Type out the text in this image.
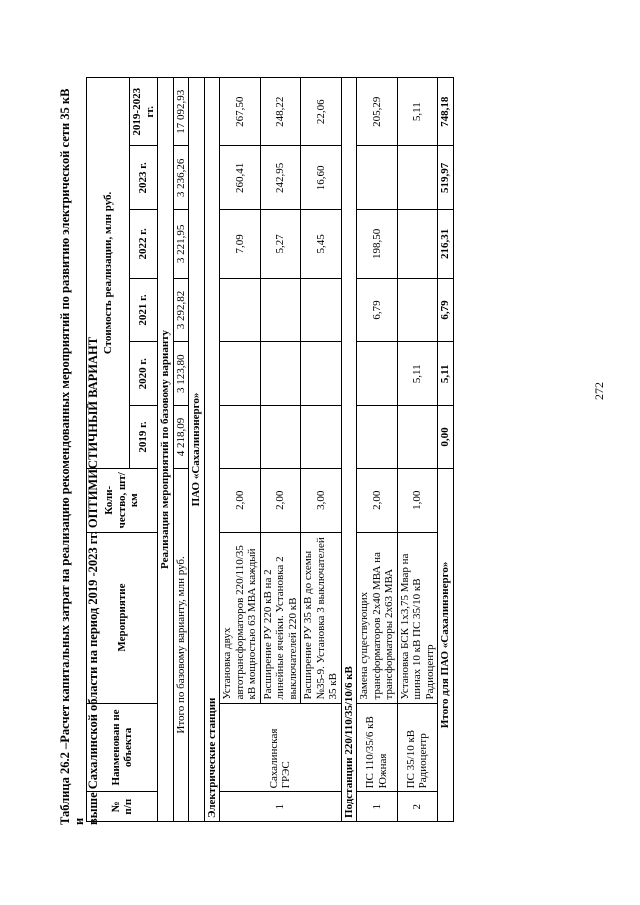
Таблица 26.2 –Расчет капитальных затрат на реализацию рекомендованных мероприятий по развитию электрической сети 35 кВ и выше Сахалинской области на период 2019 -2023 гг. ОПТИМИСТИЧНЫЙ ВАРИАНТ № п/п	Наименован не объекта	Мероприятие	Коли-чество, шт/км	Стоимость реализации, млн руб.					
				2019 г.	2020 г.	2021 г.	2022 г.	2023 г.	2019-2023 гг.
Реализация мероприятий по базовому варианту									
Итого по базовому варианту, млн руб.				4 218,09	3 123,80	3 292,82	3 221,95	3 236,26	17 092,93
ПАО «Сахалинэнерго»									
Электрические станции									
1	Сахалинская ГРЭС	Установка двух автотрансформаторов 220/110/35 кВ мощностью 63 МВА каждый	2,00				7,09	260,41	267,50
		Расширение РУ 220 кВ на 2 линейные ячейки. Установка 2 выключателей 220 кВ	2,00				5,27	242,95	248,22
		Расширение РУ 35 кВ до схемы №35-9. Установка 3 выключателей 35 кВ	3,00				5,45	16,60	22,06
Подстанции 220/110/35/10/6 кВ									
1	ПС 110/35/6 кВ Южная	Замена существующих трансформаторов 2х40 МВА на трансформаторы 2х63 МВА	2,00			6,79	198,50		205,29
2	ПС 35/10 кВ Радиоцентр	Установка БСК 1х3,75 Мвар на шинах 10 кВ ПС 35/10 кВ Радиоцентр	1,00		5,11				5,11
Итого для ПАО «Сахалинэнерго»				0,00	5,11	6,79	216,31	519,97	748,18
272
